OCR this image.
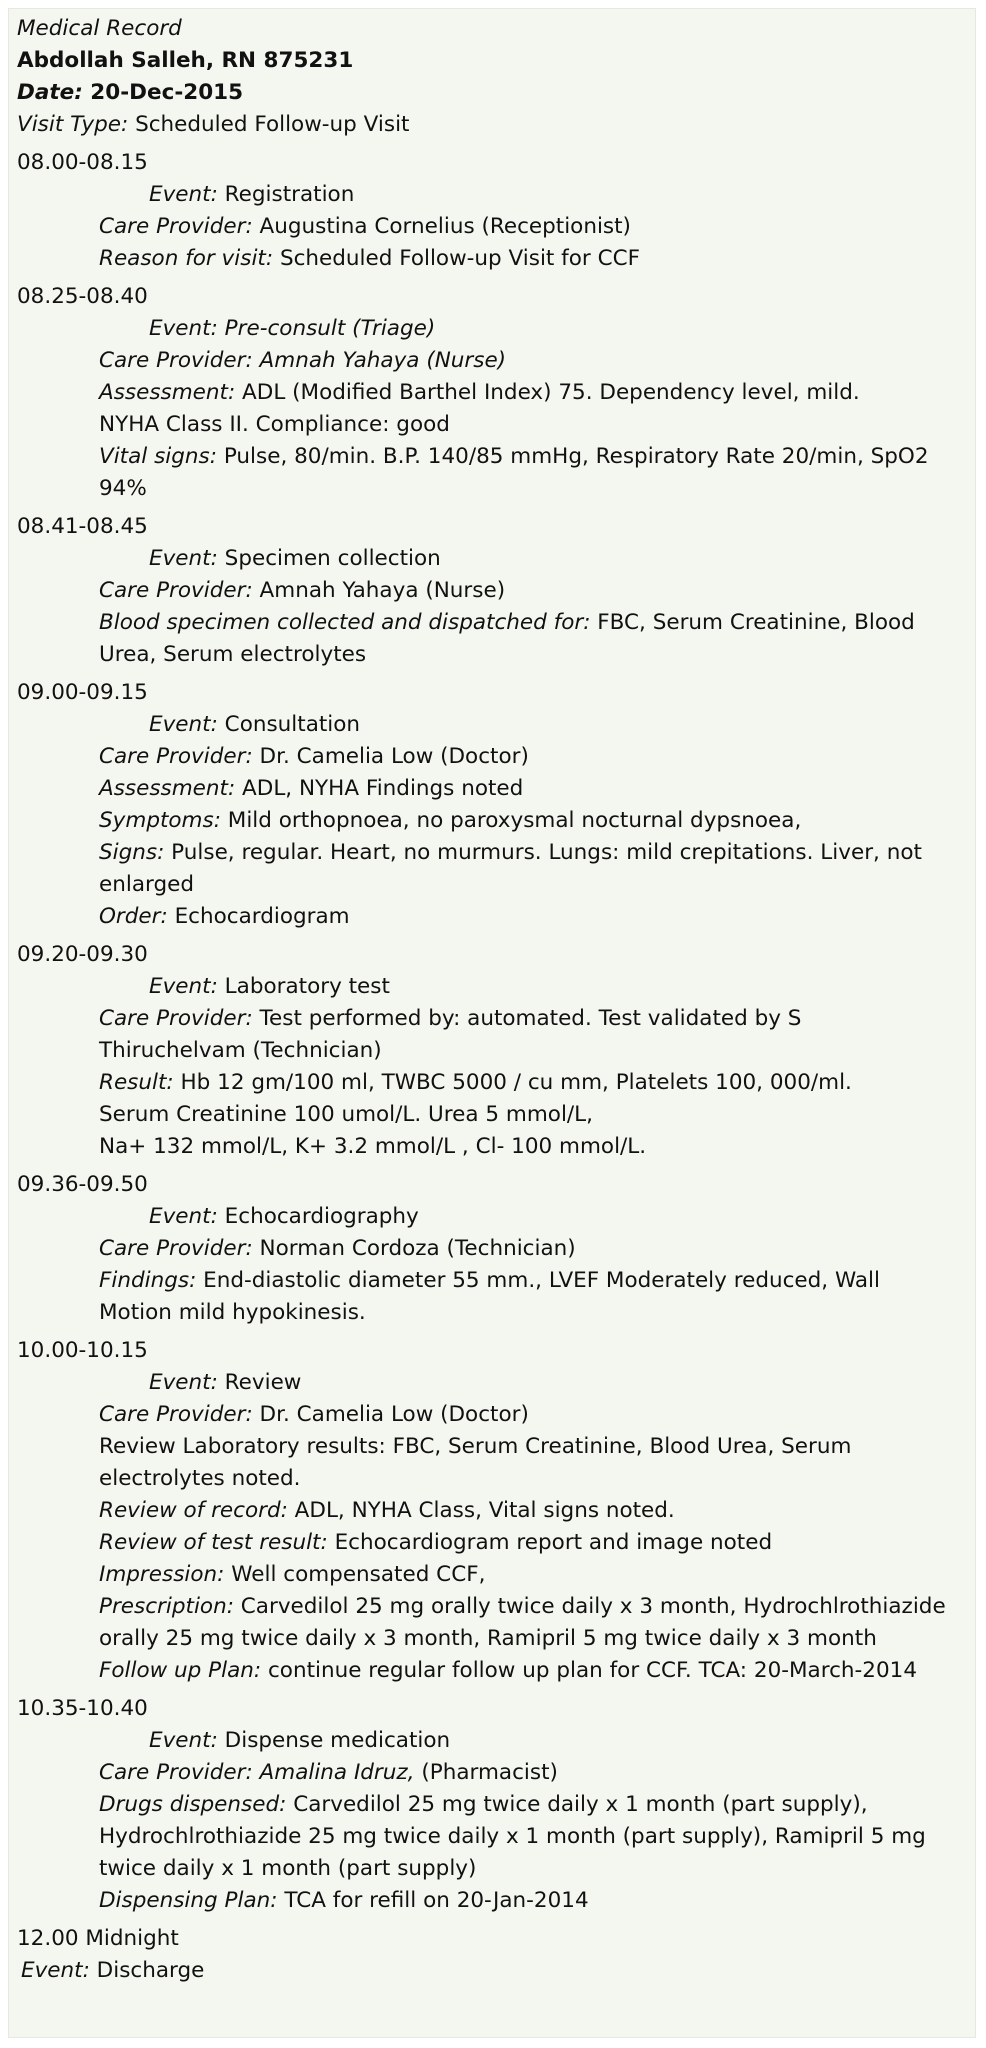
Medical Record
Abdollah Salleh, RN 875231
Date: 20-Dec-2015
Visit Type: Scheduled Follow-up Visit
08.00-08.15
Event: Registration
Care Provider: Augustina Cornelius (Receptionist)
Reason for visit: Scheduled Follow-up Visit for CCF
08.25-08.40
Event: Pre-consult (Triage)
Care Provider: Amnah Yahaya (Nurse)
Assessment: ADL (Modified Barthel Index) 75. Dependency level, mild.
NYHA Class II. Compliance: good
Vital signs: Pulse, 80/min. B.P. 140/85 mmHg, Respiratory Rate 20/min, SpO2
94%
08.41-08.45
Event: Specimen collection
Care Provider: Amnah Yahaya (Nurse)
Blood specimen collected and dispatched for: FBC, Serum Creatinine, Blood
Urea, Serum electrolytes
09.00-09.15
Event: Consultation
Care Provider: Dr. Camelia Low (Doctor)
Assessment: ADL, NYHA Findings noted
Symptoms: Mild orthopnoea, no paroxysmal nocturnal dypsnoea,
Signs: Pulse, regular. Heart, no murmurs. Lungs: mild crepitations. Liver, not
enlarged
Order: Echocardiogram
09.20-09.30
Event: Laboratory test
Care Provider: Test performed by: automated. Test validated by S
Thiruchelvam (Technician)
Result: Hb 12 gm/100 ml, TWBC 5000 / cu mm, Platelets 100, 000/ml.
Serum Creatinine 100 umol/L. Urea 5 mmol/L,
Na+ 132 mmol/L, K+ 3.2 mmol/L , Cl- 100 mmol/L.
09.36-09.50
Event: Echocardiography
Care Provider: Norman Cordoza (Technician)
Findings: End-diastolic diameter 55 mm., LVEF Moderately reduced, Wall
Motion mild hypokinesis.
10.00-10.15
Event: Review
Care Provider: Dr. Camelia Low (Doctor)
Review Laboratory results: FBC, Serum Creatinine, Blood Urea, Serum
electrolytes noted.
Review of record: ADL, NYHA Class, Vital signs noted.
Review of test result: Echocardiogram report and image noted
Impression: Well compensated CCF,
Prescription: Carvedilol 25 mg orally twice daily x 3 month, Hydrochlrothiazide
orally 25 mg twice daily x 3 month, Ramipril 5 mg twice daily x 3 month
Follow up Plan: continue regular follow up plan for CCF. TCA: 20-March-2014
10.35-10.40
Event: Dispense medication
Care Provider: Amalina Idruz, (Pharmacist)
Drugs dispensed: Carvedilol 25 mg twice daily x 1 month (part supply),
Hydrochlrothiazide 25 mg twice daily x 1 month (part supply), Ramipril 5 mg
twice daily x 1 month (part supply)
Dispensing Plan: TCA for refill on 20-Jan-2014
12.00 Midnight
Event: Discharge
